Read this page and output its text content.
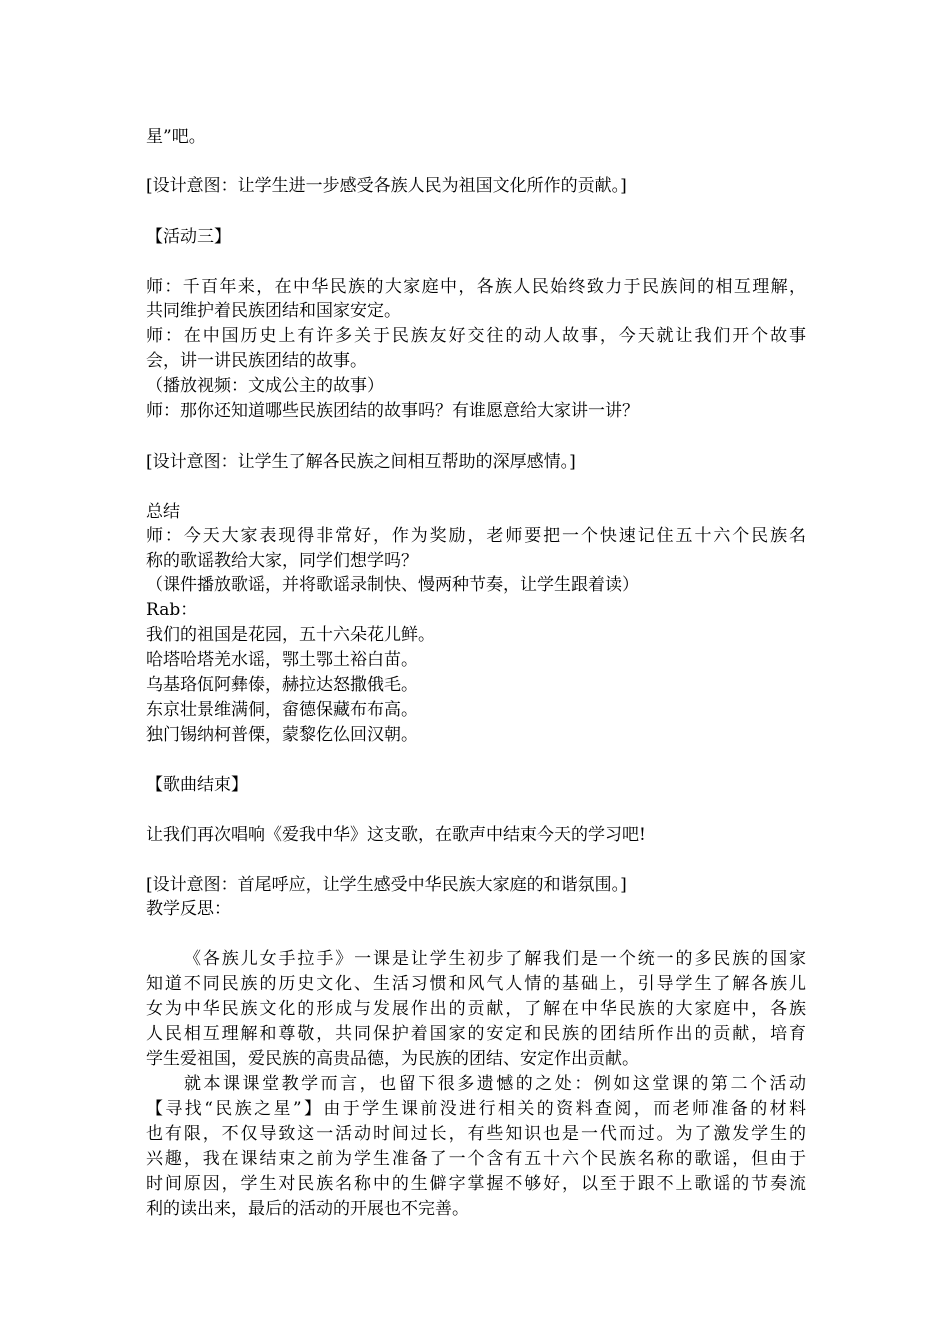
星”吧。
[设计意图：让学生进一步感受各族人民为祖国文化所作的贡献。]
【活动三】
师：千百年来，在中华民族的大家庭中，各族人民始终致力于民族间的相互理解，
共同维护着民族团结和国家安定。
师：在中国历史上有许多关于民族友好交往的动人故事，今天就让我们开个故事
会，讲一讲民族团结的故事。
（播放视频：文成公主的故事）
师：那你还知道哪些民族团结的故事吗？有谁愿意给大家讲一讲？
[设计意图：让学生了解各民族之间相互帮助的深厚感情。]
总结
师：今天大家表现得非常好，作为奖励，老师要把一个快速记住五十六个民族名
称的歌谣教给大家，同学们想学吗？
（课件播放歌谣，并将歌谣录制快、慢两种节奏，让学生跟着读）
Rab：
我们的祖国是花园，五十六朵花儿鲜。
哈塔哈塔羌水谣，鄂土鄂土裕白苗。
乌基珞佤阿彝傣，赫拉达怒撒俄毛。
东京壮景维满侗，畲德保藏布布高。
独门锡纳柯普傈，蒙黎仡仫回汉朝。
【歌曲结束】
让我们再次唱响《爱我中华》这支歌，在歌声中结束今天的学习吧!
[设计意图：首尾呼应，让学生感受中华民族大家庭的和谐氛围。]
教学反思：
《各族儿女手拉手》一课是让学生初步了解我们是一个统一的多民族的国家
知道不同民族的历史文化、生活习惯和风气人情的基础上，引导学生了解各族儿
女为中华民族文化的形成与发展作出的贡献，了解在中华民族的大家庭中，各族
人民相互理解和尊敬，共同保护着国家的安定和民族的团结所作出的贡献，培育
学生爱祖国，爱民族的高贵品德，为民族的团结、安定作出贡献。
就本课课堂教学而言，也留下很多遗憾的之处：例如这堂课的第二个活动
【寻找“民族之星”】由于学生课前没进行相关的资料查阅，而老师准备的材料
也有限，不仅导致这一活动时间过长，有些知识也是一代而过。为了激发学生的
兴趣，我在课结束之前为学生准备了一个含有五十六个民族名称的歌谣，但由于
时间原因，学生对民族名称中的生僻字掌握不够好，以至于跟不上歌谣的节奏流
利的读出来，最后的活动的开展也不完善。
